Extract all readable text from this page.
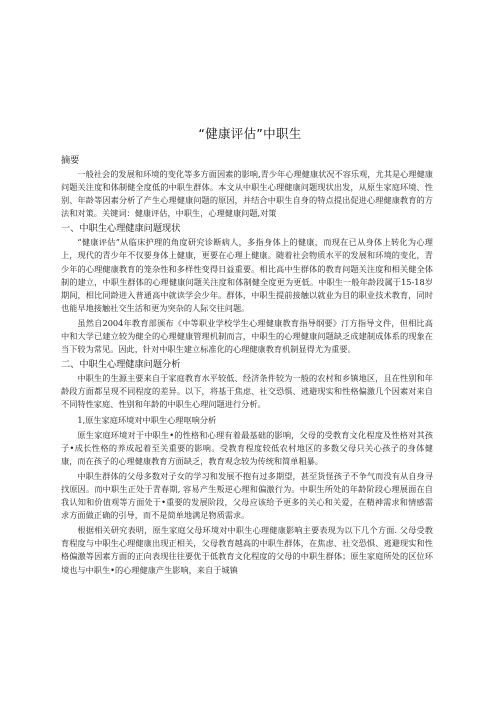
“健康评估”中职生
摘要

一般社会的发展和环境的变化等多方面因素的影响,青少年心理健康状况不容乐观，尤其是心理健康问题关注度和体制健全度低的中职生群体。本文从中职生心理健康问题现状出发，从原生家庭环境、性别、年龄等因素分析了产生心理健康问题的原因，并结合中职生自身的特点提出促进心理健康教育的方法和对策。关键词：健康评估，中职生，心理健康问题,对策

一、中职生心理健康问题现状

“健康评估”从临床护理的角度研究诊断病人，多指身体上的健康，而现在已从身体上转化为心理上，现代的青少年不仅要身体上健康，更要在心理上健康。随着社会物质水平的发展和环境的变化，青少年的心理健康教育的笼杂性和多样性变得日益重要。相比高中生群体的教育问题关注度和相关健全体制的建立，中职生群体的心理健康问题关注度和体制健全度更为更低。中职生一般年龄段属于15-18岁期间，相比同龄进入普通高中就读学会少年。群体，中职生提前接触以就业为目的职业技术教育，同时也能早地接触社交生活和更为突杂的人际交往问题。

虽然自2004年教育部颁布《中等职业学校学生心理健康教育指导纲要》汀方指导文件，但相比高中和大学已建立较为健全的心理健康管理机制而言，中职生的心理健康问题缺乏成建制成体系的现象在当下较为常见。因此，针对中职生建立标准化的心理健康教育机制显得尤为重要。

二、中职生心理健康问题分析

中职生的生源主要来自于家庭教育水平较低、经济条件较为一般的农村和乡镇地区，且在性别和年龄段方面都呈现不同程度的差异。以下，将基于焦虑、社交恐惧、逃避现实和性格偏激几个因素对来自不同特性家庭、性别和年龄的中职生心理问题进行分析。

1,原生家庭环境对中职生心理呕响分析

原生家庭环境对于中职生•的性格和心理有着最基础的影响，父母的受教育文化程度及性格对其孩子•成长性格的养成起着至关重要的影响。受教育程度较低农村地区的多数父母只关心孩子的身体健康，而在孩子的心理健康教育方面缺乏，教育观念较为传统和简单粗暴。

中职生群体的父母多数对子女的学习和发展不抱有过多期望，甚至货怪孩子不争气而没有从自身寻找原因。而中职生正处于青春期, 容易产生叛逆心理和偏激行为。中职生所处的年龄阶段心理展面在自我认知和价值观等方面处于•重要的发展阶段，父母应该给予更多的关心和关爱，在精神需求和情感需求方面做正确的引导，而不是简单地满足物质需求。

根据相关研究表明，原生家庭父母环境对中职生心理健康影响主要表现为以下几个方面. 父母受教育程度与中职生心理健康出现正相关，父母教育越高的中职生群体，在焦虑、社交恐惧、逃避现实和性格偏激等因素方面的正向表现往往要优于低教育文化程度的父母的中职生群体；原生家庭所处的区位环境也与中职生•的心理健康产生影响，来自于城镇
